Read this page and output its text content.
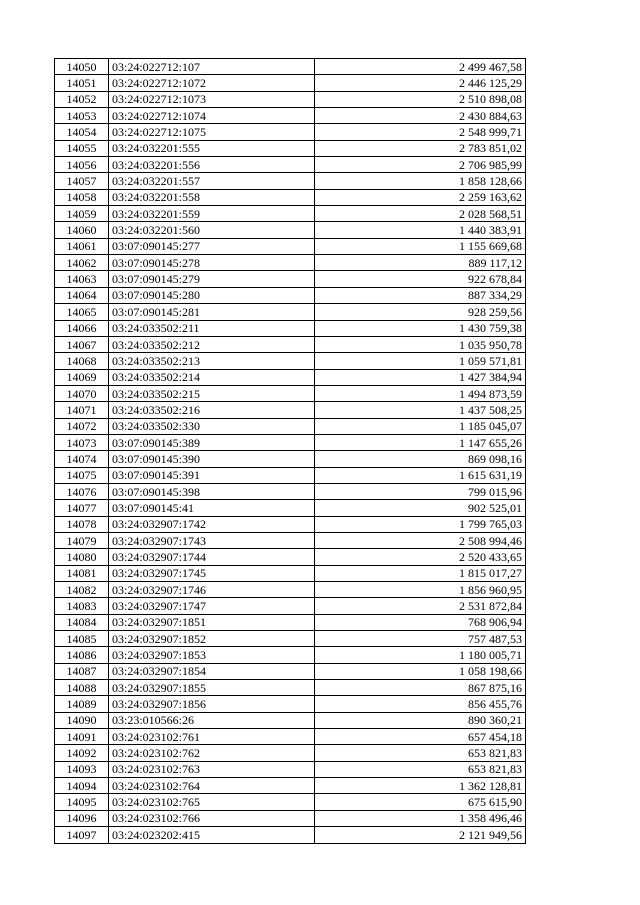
14050	03:24:022712:107	2 499 467,58
14051	03:24:022712:1072	2 446 125,29
14052	03:24:022712:1073	2 510 898,08
14053	03:24:022712:1074	2 430 884,63
14054	03:24:022712:1075	2 548 999,71
14055	03:24:032201:555	2 783 851,02
14056	03:24:032201:556	2 706 985,99
14057	03:24:032201:557	1 858 128,66
14058	03:24:032201:558	2 259 163,62
14059	03:24:032201:559	2 028 568,51
14060	03:24:032201:560	1 440 383,91
14061	03:07:090145:277	1 155 669,68
14062	03:07:090145:278	889 117,12
14063	03:07:090145:279	922 678,84
14064	03:07:090145:280	887 334,29
14065	03:07:090145:281	928 259,56
14066	03:24:033502:211	1 430 759,38
14067	03:24:033502:212	1 035 950,78
14068	03:24:033502:213	1 059 571,81
14069	03:24:033502:214	1 427 384,94
14070	03:24:033502:215	1 494 873,59
14071	03:24:033502:216	1 437 508,25
14072	03:24:033502:330	1 185 045,07
14073	03:07:090145:389	1 147 655,26
14074	03:07:090145:390	869 098,16
14075	03:07:090145:391	1 615 631,19
14076	03:07:090145:398	799 015,96
14077	03:07:090145:41	902 525,01
14078	03:24:032907:1742	1 799 765,03
14079	03:24:032907:1743	2 508 994,46
14080	03:24:032907:1744	2 520 433,65
14081	03:24:032907:1745	1 815 017,27
14082	03:24:032907:1746	1 856 960,95
14083	03:24:032907:1747	2 531 872,84
14084	03:24:032907:1851	768 906,94
14085	03:24:032907:1852	757 487,53
14086	03:24:032907:1853	1 180 005,71
14087	03:24:032907:1854	1 058 198,66
14088	03:24:032907:1855	867 875,16
14089	03:24:032907:1856	856 455,76
14090	03:23:010566:26	890 360,21
14091	03:24:023102:761	657 454,18
14092	03:24:023102:762	653 821,83
14093	03:24:023102:763	653 821,83
14094	03:24:023102:764	1 362 128,81
14095	03:24:023102:765	675 615,90
14096	03:24:023102:766	1 358 496,46
14097	03:24:023202:415	2 121 949,56
